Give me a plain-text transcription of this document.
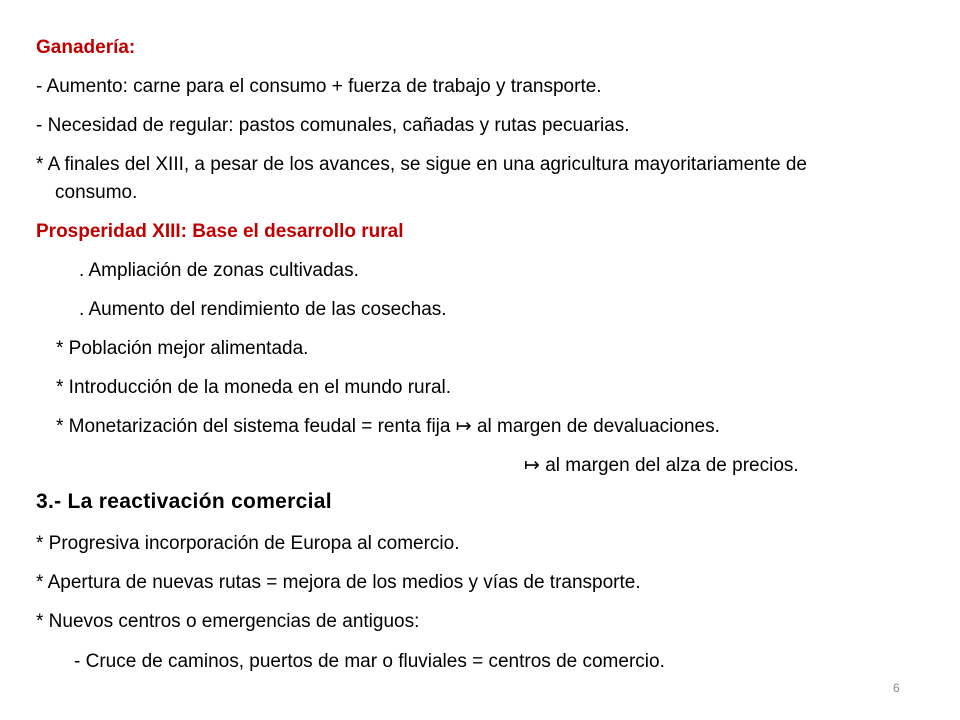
Ganadería:
- Aumento: carne para el consumo + fuerza de trabajo y transporte.
- Necesidad de regular: pastos comunales, cañadas y rutas pecuarias.
* A finales del XIII, a pesar de los avances, se sigue en una agricultura mayoritariamente de
consumo.
Prosperidad XIII: Base el desarrollo rural
. Ampliación de zonas cultivadas.
. Aumento del rendimiento de las cosechas.
* Población mejor alimentada.
* Introducción de la moneda en el mundo rural.
* Monetarización del sistema feudal = renta fija ↦ al margen de devaluaciones.
↦ al margen del alza de precios.
3.- La reactivación comercial
* Progresiva incorporación de Europa al comercio.
* Apertura de nuevas rutas = mejora de los medios y vías de transporte.
* Nuevos centros o emergencias de antiguos:
- Cruce de caminos, puertos de mar o fluviales = centros de comercio.
6
